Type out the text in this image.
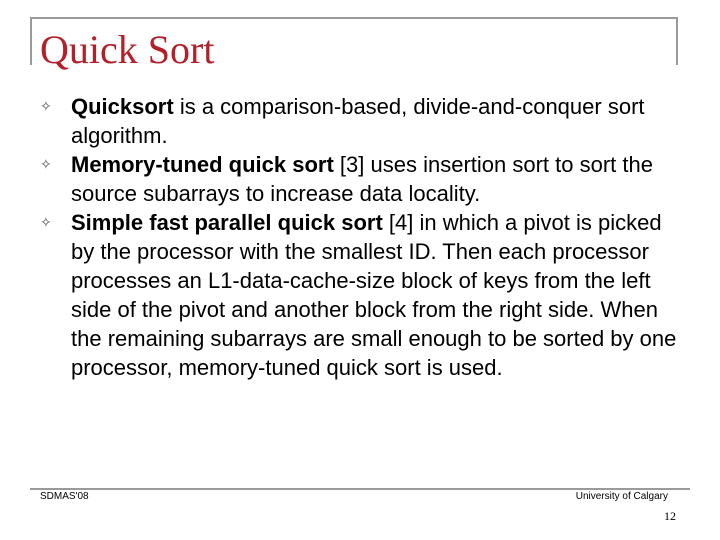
Quick Sort
✧ Quicksort is a comparison-based, divide-and-conquer sort algorithm.
✧ Memory-tuned quick sort [3] uses insertion sort to sort the source subarrays to increase data locality.
✧ Simple fast parallel quick sort [4] in which a pivot is picked by the processor with the smallest ID. Then each processor processes an L1-data-cache-size block of keys from the left side of the pivot and another block from the right side. When the remaining subarrays are small enough to be sorted by one processor, memory-tuned quick sort is used.
SDMAS'08	University of Calgary
12
